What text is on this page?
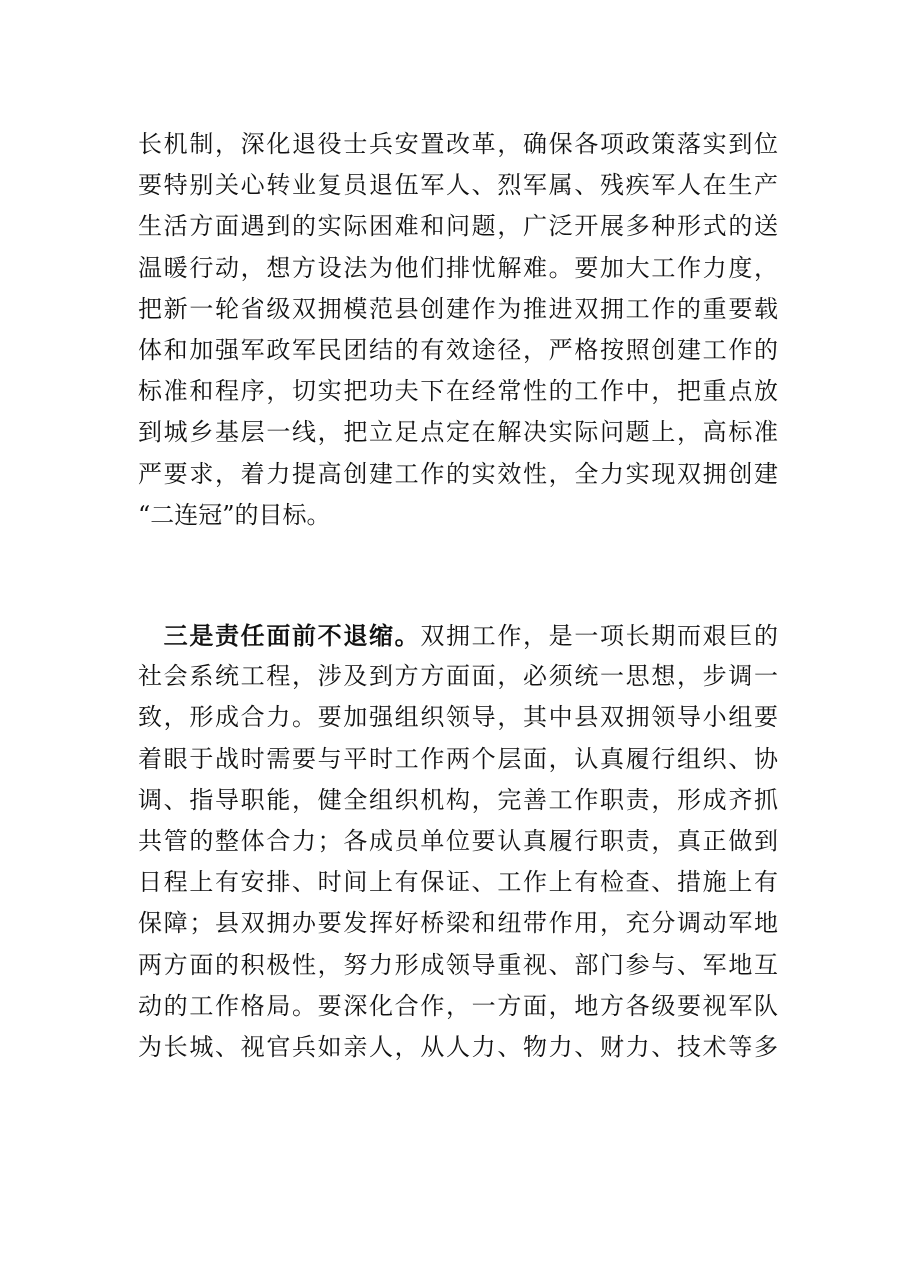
长机制，深化退役士兵安置改革，确保各项政策落实到位
要特别关心转业复员退伍军人、烈军属、残疾军人在生产
生活方面遇到的实际困难和问题，广泛开展多种形式的送
温暖行动，想方设法为他们排忧解难。要加大工作力度，
把新一轮省级双拥模范县创建作为推进双拥工作的重要载
体和加强军政军民团结的有效途径，严格按照创建工作的
标准和程序，切实把功夫下在经常性的工作中，把重点放
到城乡基层一线，把立足点定在解决实际问题上，高标准
严要求，着力提高创建工作的实效性，全力实现双拥创建
“二连冠”的目标。
三是责任面前不退缩。双拥工作，是一项长期而艰巨的
社会系统工程，涉及到方方面面，必须统一思想，步调一
致，形成合力。要加强组织领导，其中县双拥领导小组要
着眼于战时需要与平时工作两个层面，认真履行组织、协
调、指导职能，健全组织机构，完善工作职责，形成齐抓
共管的整体合力；各成员单位要认真履行职责，真正做到
日程上有安排、时间上有保证、工作上有检查、措施上有
保障；县双拥办要发挥好桥梁和纽带作用，充分调动军地
两方面的积极性，努力形成领导重视、部门参与、军地互
动的工作格局。要深化合作，一方面，地方各级要视军队
为长城、视官兵如亲人，从人力、物力、财力、技术等多
